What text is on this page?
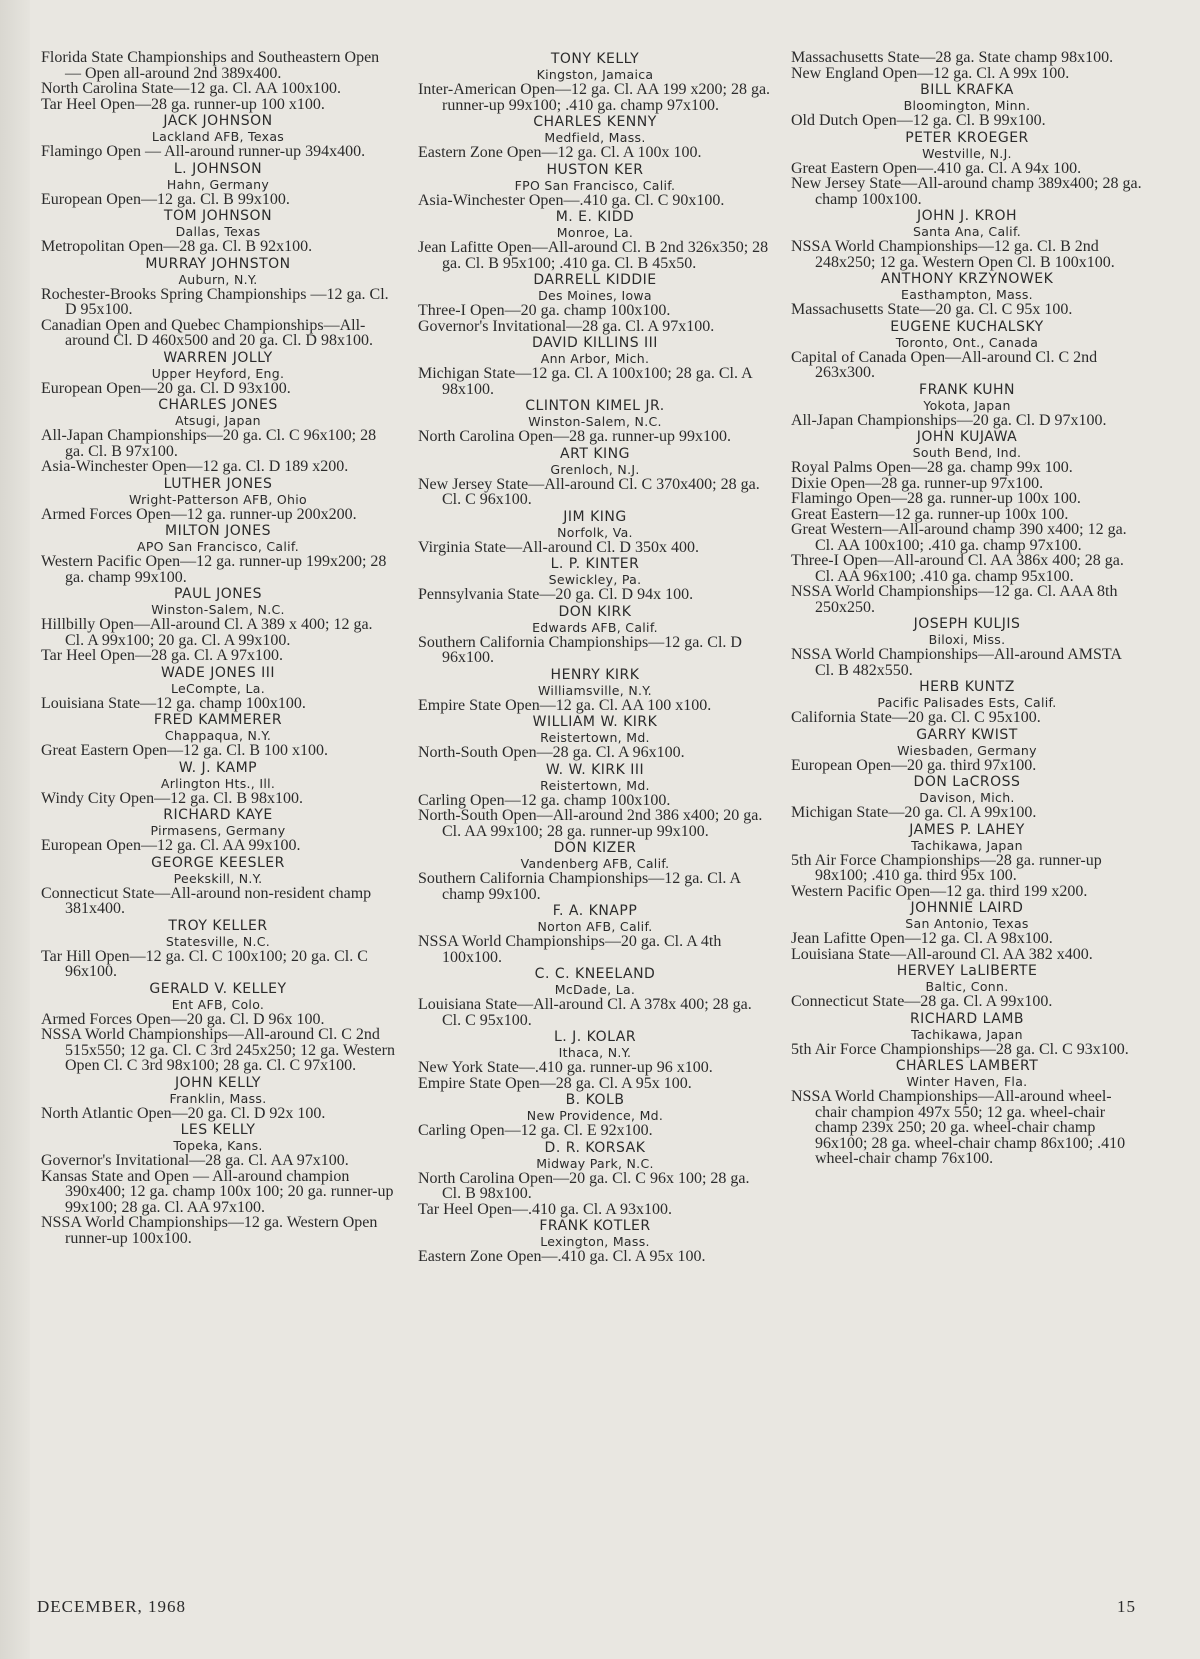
Florida State Championships and Southeastern Open — Open all-around 2nd 389x400.
North Carolina State—12 ga. Cl. AA 100x100.
Tar Heel Open—28 ga. runner-up 100 x100.
JACK JOHNSON
Lackland AFB, Texas
Flamingo Open — All-around runner-up 394x400.
L. JOHNSON
Hahn, Germany
European Open—12 ga. Cl. B 99x100.
TOM JOHNSON
Dallas, Texas
Metropolitan Open—28 ga. Cl. B 92x100.
MURRAY JOHNSTON
Auburn, N.Y.
Rochester-Brooks Spring Championships —12 ga. Cl. D 95x100.
Canadian Open and Quebec Championships—All-around Cl. D 460x500 and 20 ga. Cl. D 98x100.
WARREN JOLLY
Upper Heyford, Eng.
European Open—20 ga. Cl. D 93x100.
CHARLES JONES
Atsugi, Japan
All-Japan Championships—20 ga. Cl. C 96x100; 28 ga. Cl. B 97x100.
Asia-Winchester Open—12 ga. Cl. D 189 x200.
LUTHER JONES
Wright-Patterson AFB, Ohio
Armed Forces Open—12 ga. runner-up 200x200.
MILTON JONES
APO San Francisco, Calif.
Western Pacific Open—12 ga. runner-up 199x200; 28 ga. champ 99x100.
PAUL JONES
Winston-Salem, N.C.
Hillbilly Open—All-around Cl. A 389 x 400; 12 ga. Cl. A 99x100; 20 ga. Cl. A 99x100.
Tar Heel Open—28 ga. Cl. A 97x100.
WADE JONES III
LeCompte, La.
Louisiana State—12 ga. champ 100x100.
FRED KAMMERER
Chappaqua, N.Y.
Great Eastern Open—12 ga. Cl. B 100 x100.
W. J. KAMP
Arlington Hts., Ill.
Windy City Open—12 ga. Cl. B 98x100.
RICHARD KAYE
Pirmasens, Germany
European Open—12 ga. Cl. AA 99x100.
GEORGE KEESLER
Peekskill, N.Y.
Connecticut State—All-around non-resident champ 381x400.
TROY KELLER
Statesville, N.C.
Tar Hill Open—12 ga. Cl. C 100x100; 20 ga. Cl. C 96x100.
GERALD V. KELLEY
Ent AFB, Colo.
Armed Forces Open—20 ga. Cl. D 96x 100.
NSSA World Championships—All-around Cl. C 2nd 515x550; 12 ga. Cl. C 3rd 245x250; 12 ga. Western Open Cl. C 3rd 98x100; 28 ga. Cl. C 97x100.
JOHN KELLY
Franklin, Mass.
North Atlantic Open—20 ga. Cl. D 92x 100.
LES KELLY
Topeka, Kans.
Governor's Invitational—28 ga. Cl. AA 97x100.
Kansas State and Open — All-around champion 390x400; 12 ga. champ 100x 100; 20 ga. runner-up 99x100; 28 ga. Cl. AA 97x100.
NSSA World Championships—12 ga. Western Open runner-up 100x100.
TONY KELLY
Kingston, Jamaica
Inter-American Open—12 ga. Cl. AA 199 x200; 28 ga. runner-up 99x100; .410 ga. champ 97x100.
CHARLES KENNY
Medfield, Mass.
Eastern Zone Open—12 ga. Cl. A 100x 100.
HUSTON KER
FPO San Francisco, Calif.
Asia-Winchester Open—.410 ga. Cl. C 90x100.
M. E. KIDD
Monroe, La.
Jean Lafitte Open—All-around Cl. B 2nd 326x350; 28 ga. Cl. B 95x100; .410 ga. Cl. B 45x50.
DARRELL KIDDIE
Des Moines, Iowa
Three-I Open—20 ga. champ 100x100.
Governor's Invitational—28 ga. Cl. A 97x100.
DAVID KILLINS III
Ann Arbor, Mich.
Michigan State—12 ga. Cl. A 100x100; 28 ga. Cl. A 98x100.
CLINTON KIMEL JR.
Winston-Salem, N.C.
North Carolina Open—28 ga. runner-up 99x100.
ART KING
Grenloch, N.J.
New Jersey State—All-around Cl. C 370x400; 28 ga. Cl. C 96x100.
JIM KING
Norfolk, Va.
Virginia State—All-around Cl. D 350x 400.
L. P. KINTER
Sewickley, Pa.
Pennsylvania State—20 ga. Cl. D 94x 100.
DON KIRK
Edwards AFB, Calif.
Southern California Championships—12 ga. Cl. D 96x100.
HENRY KIRK
Williamsville, N.Y.
Empire State Open—12 ga. Cl. AA 100 x100.
WILLIAM W. KIRK
Reistertown, Md.
North-South Open—28 ga. Cl. A 96x100.
W. W. KIRK III
Reistertown, Md.
Carling Open—12 ga. champ 100x100.
North-South Open—All-around 2nd 386 x400; 20 ga. Cl. AA 99x100; 28 ga. runner-up 99x100.
DON KIZER
Vandenberg AFB, Calif.
Southern California Championships—12 ga. Cl. A champ 99x100.
F. A. KNAPP
Norton AFB, Calif.
NSSA World Championships—20 ga. Cl. A 4th 100x100.
C. C. KNEELAND
McDade, La.
Louisiana State—All-around Cl. A 378x 400; 28 ga. Cl. C 95x100.
L. J. KOLAR
Ithaca, N.Y.
New York State—.410 ga. runner-up 96 x100.
Empire State Open—28 ga. Cl. A 95x 100.
B. KOLB
New Providence, Md.
Carling Open—12 ga. Cl. E 92x100.
D. R. KORSAK
Midway Park, N.C.
North Carolina Open—20 ga. Cl. C 96x 100; 28 ga. Cl. B 98x100.
Tar Heel Open—.410 ga. Cl. A 93x100.
FRANK KOTLER
Lexington, Mass.
Eastern Zone Open—.410 ga. Cl. A 95x 100.
Massachusetts State—28 ga. State champ 98x100.
New England Open—12 ga. Cl. A 99x 100.
BILL KRAFKA
Bloomington, Minn.
Old Dutch Open—12 ga. Cl. B 99x100.
PETER KROEGER
Westville, N.J.
Great Eastern Open—.410 ga. Cl. A 94x 100.
New Jersey State—All-around champ 389x400; 28 ga. champ 100x100.
JOHN J. KROH
Santa Ana, Calif.
NSSA World Championships—12 ga. Cl. B 2nd 248x250; 12 ga. Western Open Cl. B 100x100.
ANTHONY KRZYNOWEK
Easthampton, Mass.
Massachusetts State—20 ga. Cl. C 95x 100.
EUGENE KUCHALSKY
Toronto, Ont., Canada
Capital of Canada Open—All-around Cl. C 2nd 263x300.
FRANK KUHN
Yokota, Japan
All-Japan Championships—20 ga. Cl. D 97x100.
JOHN KUJAWA
South Bend, Ind.
Royal Palms Open—28 ga. champ 99x 100.
Dixie Open—28 ga. runner-up 97x100.
Flamingo Open—28 ga. runner-up 100x 100.
Great Eastern—12 ga. runner-up 100x 100.
Great Western—All-around champ 390 x400; 12 ga. Cl. AA 100x100; .410 ga. champ 97x100.
Three-I Open—All-around Cl. AA 386x 400; 28 ga. Cl. AA 96x100; .410 ga. champ 95x100.
NSSA World Championships—12 ga. Cl. AAA 8th 250x250.
JOSEPH KULJIS
Biloxi, Miss.
NSSA World Championships—All-around AMSTA Cl. B 482x550.
HERB KUNTZ
Pacific Palisades Ests, Calif.
California State—20 ga. Cl. C 95x100.
GARRY KWIST
Wiesbaden, Germany
European Open—20 ga. third 97x100.
DON LaCROSS
Davison, Mich.
Michigan State—20 ga. Cl. A 99x100.
JAMES P. LAHEY
Tachikawa, Japan
5th Air Force Championships—28 ga. runner-up 98x100; .410 ga. third 95x 100.
Western Pacific Open—12 ga. third 199 x200.
JOHNNIE LAIRD
San Antonio, Texas
Jean Lafitte Open—12 ga. Cl. A 98x100.
Louisiana State—All-around Cl. AA 382 x400.
HERVEY LaLIBERTE
Baltic, Conn.
Connecticut State—28 ga. Cl. A 99x100.
RICHARD LAMB
Tachikawa, Japan
5th Air Force Championships—28 ga. Cl. C 93x100.
CHARLES LAMBERT
Winter Haven, Fla.
NSSA World Championships—All-around wheel-chair champion 497x 550; 12 ga. wheel-chair champ 239x 250; 20 ga. wheel-chair champ 96x100; 28 ga. wheel-chair champ 86x100; .410 wheel-chair champ 76x100.
DECEMBER, 1968	15
